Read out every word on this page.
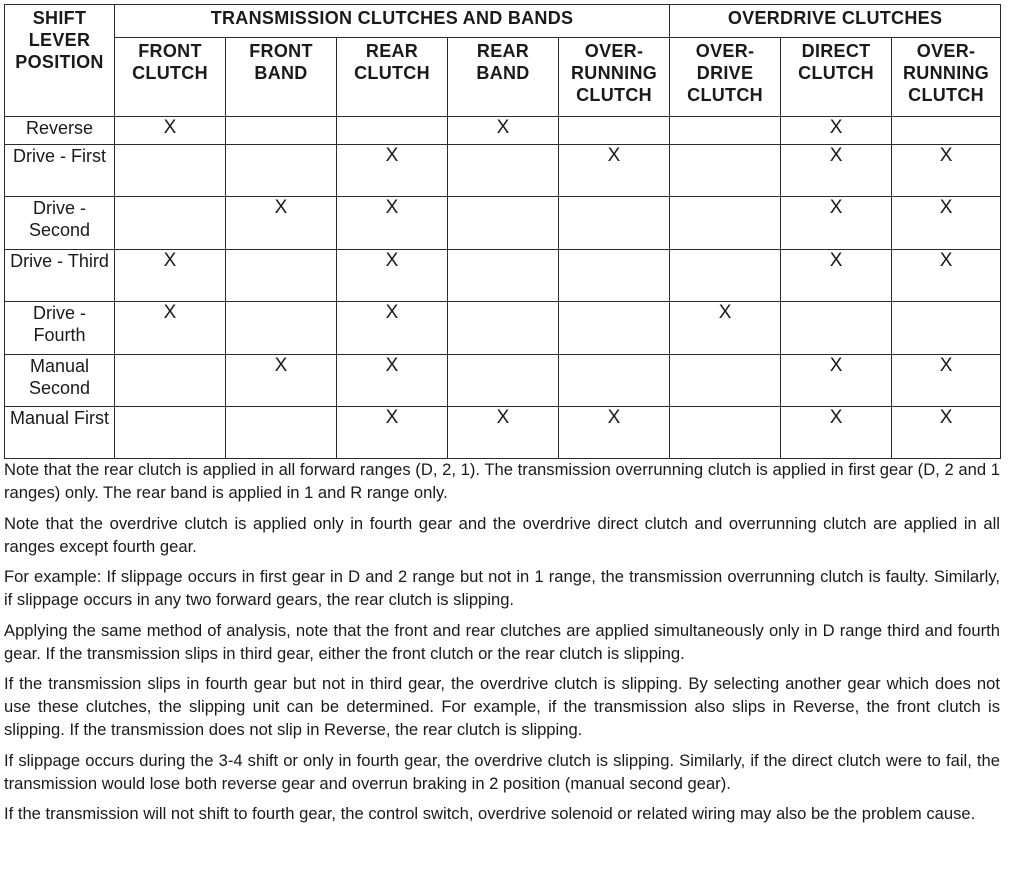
SHIFT LEVER POSITION	TRANSMISSION CLUTCHES AND BANDS					OVERDRIVE CLUTCHES		
	FRONT CLUTCH	FRONT BAND	REAR CLUTCH	REAR BAND	OVER- RUNNING CLUTCH	OVER- DRIVE CLUTCH	DIRECT CLUTCH	OVER- RUNNING CLUTCH
Reverse	X			X			X	
Drive - First			X		X		X	X
Drive - Second		X	X				X	X
Drive - Third	X		X				X	X
Drive - Fourth	X		X			X		
Manual Second		X	X				X	X
Manual First			X	X	X		X	X

Note that the rear clutch is applied in all forward ranges (D, 2, 1). The transmission overrunning clutch is applied in first gear (D, 2 and 1 ranges) only. The rear band is applied in 1 and R range only.

Note that the overdrive clutch is applied only in fourth gear and the overdrive direct clutch and overrunning clutch are applied in all ranges except fourth gear.

For example: If slippage occurs in first gear in D and 2 range but not in 1 range, the transmission overrunning clutch is faulty. Similarly, if slippage occurs in any two forward gears, the rear clutch is slipping.

Applying the same method of analysis, note that the front and rear clutches are applied simultaneously only in D range third and fourth gear. If the transmission slips in third gear, either the front clutch or the rear clutch is slipping.

If the transmission slips in fourth gear but not in third gear, the overdrive clutch is slipping. By selecting another gear which does not use these clutches, the slipping unit can be determined. For example, if the transmission also slips in Reverse, the front clutch is slipping. If the transmission does not slip in Reverse, the rear clutch is slipping.

If slippage occurs during the 3-4 shift or only in fourth gear, the overdrive clutch is slipping. Similarly, if the direct clutch were to fail, the transmission would lose both reverse gear and overrun braking in 2 position (manual second gear).

If the transmission will not shift to fourth gear, the control switch, overdrive solenoid or related wiring may also be the problem cause.
